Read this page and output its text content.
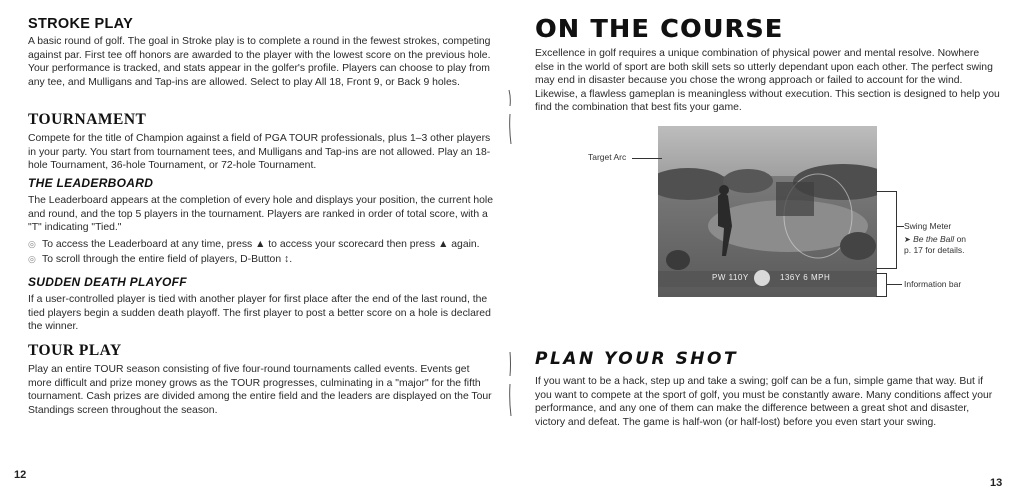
STROKE PLAY

A basic round of golf. The goal in Stroke play is to complete a round in the fewest strokes, competing against par. First tee off honors are awarded to the player with the lowest score on the previous hole. Your performance is tracked, and stats appear in the golfer's profile. Players can choose to play from any tee, and Mulligans and Tap-ins are allowed. Select to play All 18, Front 9, or Back 9 holes.

TOURNAMENT

Compete for the title of Champion against a field of PGA TOUR professionals, plus 1–3 other players in your party. You start from tournament tees, and Mulligans and Tap-ins are not allowed. Play an 18-hole Tournament, 36-hole Tournament, or 72-hole Tournament.

THE LEADERBOARD

The Leaderboard appears at the completion of every hole and displays your position, the current hole and round, and the top 5 players in the tournament. Players are ranked in order of total score, with a "T" indicating "Tied."

◎ To access the Leaderboard at any time, press ▲ to access your scorecard then press ▲ again.
◎ To scroll through the entire field of players, D-Button ↕.
SUDDEN DEATH PLAYOFF

If a user-controlled player is tied with another player for first place after the end of the last round, the tied players begin a sudden death playoff. The first player to post a better score on a hole is declared the winner.

TOUR PLAY

Play an entire TOUR season consisting of five four-round tournaments called events. Events get more difficult and prize money grows as the TOUR progresses, culminating in a "major" for the fifth tournament. Cash prizes are divided among the entire field and the leaders are displayed on the Tour Standings screen throughout the season.

12
ON THE COURSE

Excellence in golf requires a unique combination of physical power and mental resolve. Nowhere else in the world of sport are both skill sets so utterly dependant upon each other. The perfect swing may end in disaster because you chose the wrong approach or failed to account for the wind. Likewise, a flawless gameplan is meaningless without execution. This section is designed to help you find the combination that best fits your game.

PW 110Y	136Y 6 MPH
Target Arc
Swing Meter
➤ Be the Ball on
p. 17 for details.
Information bar
PLAN YOUR SHOT

If you want to be a hack, step up and take a swing; golf can be a fun, simple game that way. But if you want to compete at the sport of golf, you must be constantly aware. Many conditions affect your performance, and any one of them can make the difference between a great shot and disaster, victory and defeat. The game is half-won (or half-lost) before you even start your swing.

13
